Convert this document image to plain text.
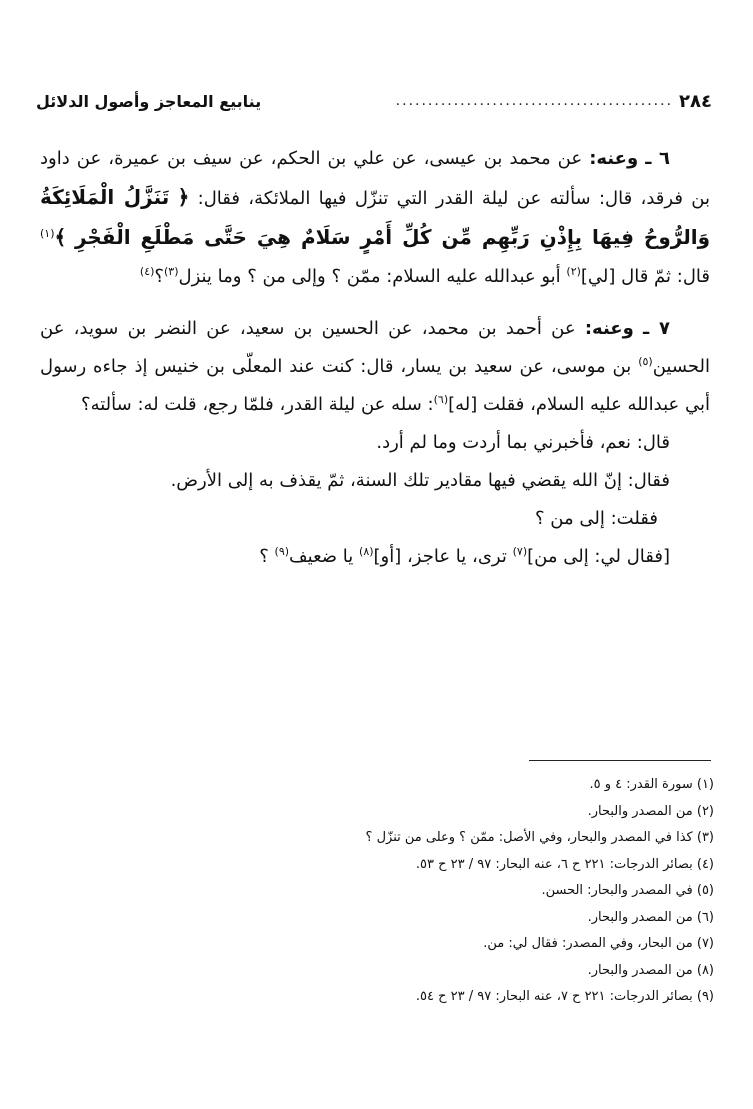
٢٨٤
...........................................
ينابيع المعاجز وأصول الدلائل

٦ ـ وعنه: عن محمد بن عيسى، عن علي بن الحكم، عن سيف بن عميرة، عن داود بن فرقد، قال: سألته عن ليلة القدر التي تنزّل فيها الملائكة، فقال: ﴿ تَنَزَّلُ الْمَلَائِكَةُ وَالرُّوحُ فِيهَا بِإِذْنِ رَبِّهِم مِّن كُلِّ أَمْرٍ سَلَامٌ هِيَ حَتَّى مَطْلَعِ الْفَجْرِ ﴾$^{(١)}$ قال: ثمّ قال [لي]$^{(٢)}$ أبو عبدالله عليه السلام: ممّن ؟ وإلى من ؟ وما ينزل$^{(٣)}$؟$^{(٤)}$

٧ ـ وعنه: عن أحمد بن محمد، عن الحسين بن سعيد، عن النضر بن سويد، عن الحسين$^{(٥)}$ بن موسى، عن سعيد بن يسار، قال: كنت عند المعلّى بن خنيس إذ جاءه رسول أبي عبدالله عليه السلام، فقلت [له]$^{(٦)}$: سله عن ليلة القدر، فلمّا رجع، قلت له: سألته؟

قال: نعم، فأخبرني بما أردت وما لم أرد.

فقال: إنّ الله يقضي فيها مقادير تلك السنة، ثمّ يقذف به إلى الأرض.

فقلت: إلى من ؟

[فقال لي: إلى من]$^{(٧)}$ ترى، يا عاجز، [أو]$^{(٨)}$ يا ضعيف$^{(٩)}$ ؟

(١) سورة القدر: ٤ و ٥.

(٢) من المصدر والبحار.

(٣) كذا في المصدر والبحار، وفي الأصل: ممّن ؟ وعلى من تنزّل ؟

(٤) بصائر الدرجات: ٢٢١ ح ٦، عنه البحار: ٩٧ / ٢٣ ح ٥٣.

(٥) في المصدر والبحار: الحسن.

(٦) من المصدر والبحار.

(٧) من البحار، وفي المصدر: فقال لي: من.

(٨) من المصدر والبحار.

(٩) بصائر الدرجات: ٢٢١ ح ٧، عنه البحار: ٩٧ / ٢٣ ح ٥٤.
